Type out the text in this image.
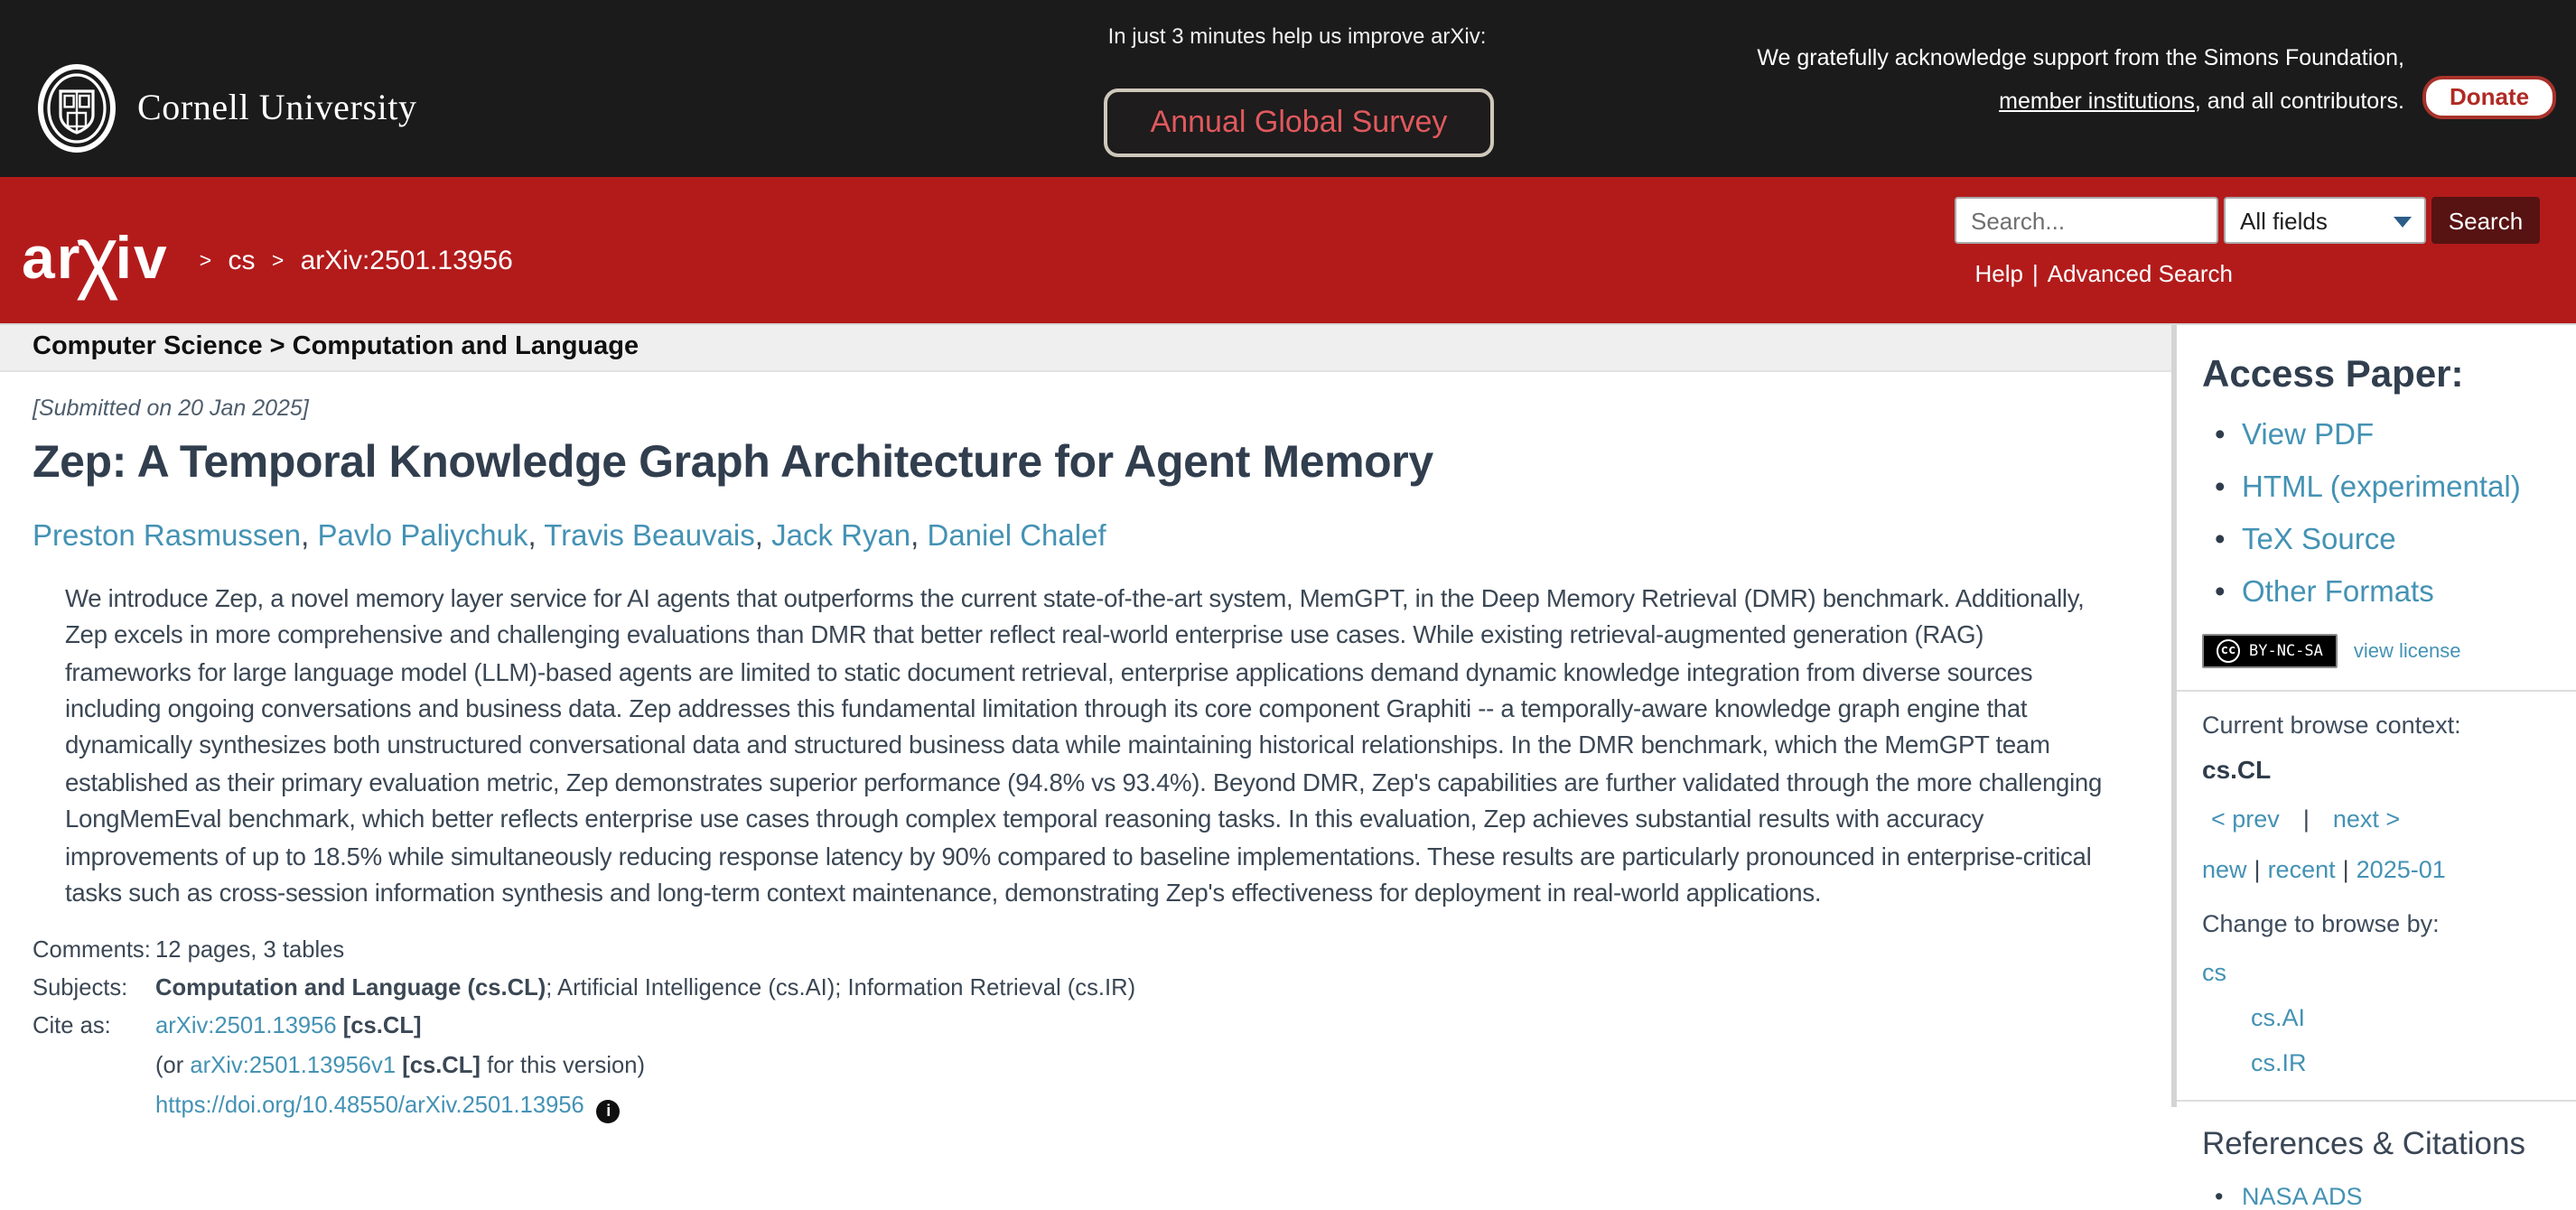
Cornell University
In just 3 minutes help us improve arXiv:
Annual Global Survey
We gratefully acknowledge support from the Simons Foundation,
member institutions, and all contributors.	Donate
ar
χ
iv	> cs > arXiv:2501.13956
Search...
All fields	Search
Help | Advanced Search
Computer Science > Computation and Language
[Submitted on 20 Jan 2025]
Zep: A Temporal Knowledge Graph Architecture for Agent Memory
Preston Rasmussen, Pavlo Paliychuk, Travis Beauvais, Jack Ryan, Daniel Chalef

We introduce Zep, a novel memory layer service for AI agents that outperforms the current state-of-the-art system, MemGPT, in the Deep Memory Retrieval (DMR) benchmark. Additionally, Zep excels in more comprehensive and challenging evaluations than DMR that better reflect real-world enterprise use cases. While existing retrieval-augmented generation (RAG) frameworks for large language model (LLM)-based agents are limited to static document retrieval, enterprise applications demand dynamic knowledge integration from diverse sources including ongoing conversations and business data. Zep addresses this fundamental limitation through its core component Graphiti -- a temporally-aware knowledge graph engine that dynamically synthesizes both unstructured conversational data and structured business data while maintaining historical relationships. In the DMR benchmark, which the MemGPT team established as their primary evaluation metric, Zep demonstrates superior performance (94.8% vs 93.4%). Beyond DMR, Zep's capabilities are further validated through the more challenging LongMemEval benchmark, which better reflects enterprise use cases through complex temporal reasoning tasks. In this evaluation, Zep achieves substantial results with accuracy improvements of up to 18.5% while simultaneously reducing response latency by 90% compared to baseline implementations. These results are particularly pronounced in enterprise-critical tasks such as cross-session information synthesis and long-term context maintenance, demonstrating Zep's effectiveness for deployment in real-world applications.

Comments: 12 pages, 3 tables
Subjects:	Computation and Language (cs.CL); Artificial Intelligence (cs.AI); Information Retrieval (cs.IR)
Cite as:	arXiv:2501.13956 [cs.CL]
(or arXiv:2501.13956v1 [cs.CL] for this version)
https://doi.org/10.48550/arXiv.2501.13956	i
Access Paper:
• View PDF
• HTML (experimental)
• TeX Source
• Other Formats
cc	BY-NC-SA	view license
Current browse context:
cs.CL
< prev | next >
new | recent | 2025-01
Change to browse by:
cs
cs.AI
cs.IR
References & Citations
• NASA ADS
